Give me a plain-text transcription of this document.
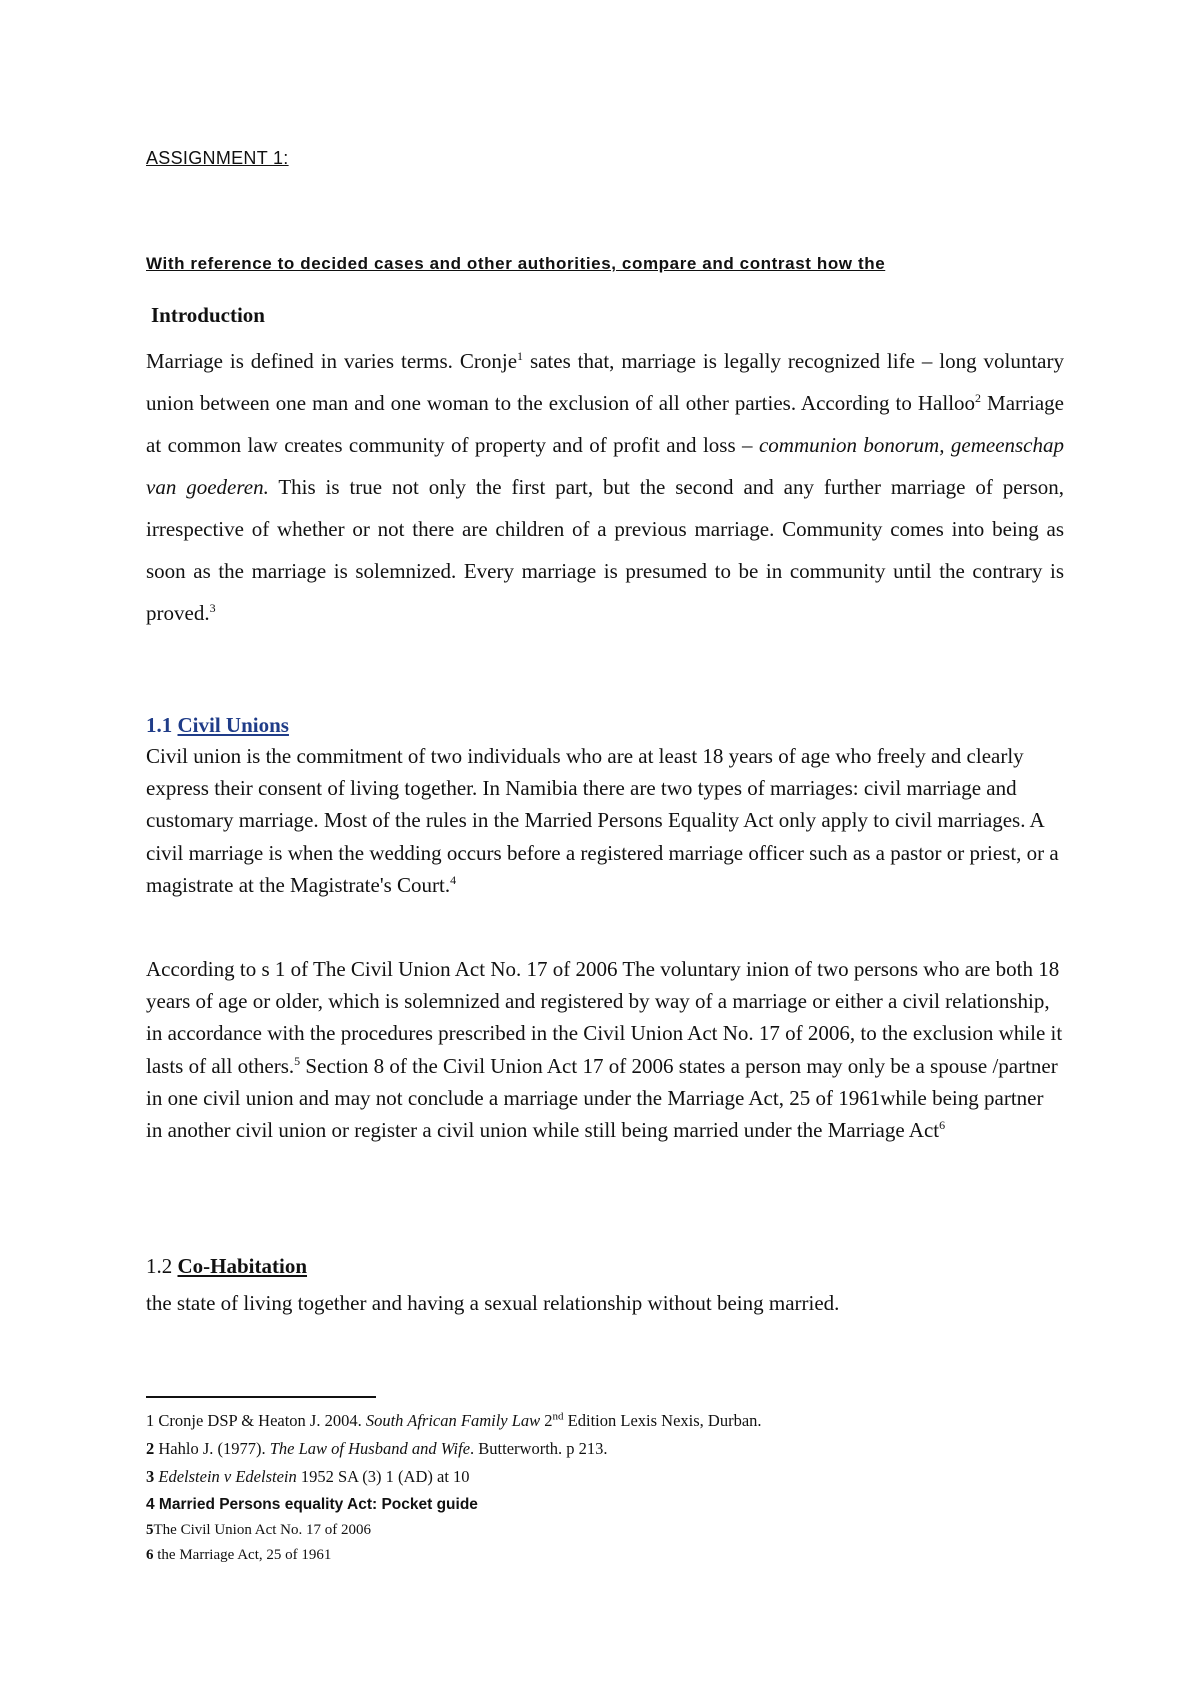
ASSIGNMENT 1:
With reference to decided cases and other authorities, compare and contrast how the
Introduction
Marriage is defined in varies terms. Cronje$^1$ sates that, marriage is legally recognized life – long voluntary union between one man and one woman to the exclusion of all other parties. According to Halloo$^2$ Marriage at common law creates community of property and of profit and loss – communion bonorum, gemeenschap van goederen. This is true not only the first part, but the second and any further marriage of person, irrespective of whether or not there are children of a previous marriage. Community comes into being as soon as the marriage is solemnized. Every marriage is presumed to be in community until the contrary is proved.$^3$
1.1 Civil Unions
Civil union is the commitment of two individuals who are at least 18 years of age who freely and clearly express their consent of living together. In Namibia there are two types of marriages: civil marriage and customary marriage. Most of the rules in the Married Persons Equality Act only apply to civil marriages. A civil marriage is when the wedding occurs before a registered marriage officer such as a pastor or priest, or a magistrate at the Magistrate's Court.$^4$
According to s 1 of The Civil Union Act No. 17 of 2006 The voluntary inion of two persons who are both 18 years of age or older, which is solemnized and registered by way of a marriage or either a civil relationship, in accordance with the procedures prescribed in the Civil Union Act No. 17 of 2006, to the exclusion while it lasts of all others.$^5$ Section 8 of the Civil Union Act 17 of 2006 states a person may only be a spouse /partner in one civil union and may not conclude a marriage under the Marriage Act, 25 of 1961while being partner in another civil union or register a civil union while still being married under the Marriage Act$^6$
1.2 Co-Habitation
the state of living together and having a sexual relationship without being married.
1 Cronje DSP & Heaton J. 2004. South African Family Law 2nd Edition Lexis Nexis, Durban.
2 Hahlo J. (1977). The Law of Husband and Wife. Butterworth. p 213.
3 Edelstein v Edelstein 1952 SA (3) 1 (AD) at 10
4 Married Persons equality Act: Pocket guide
5The Civil Union Act No. 17 of 2006
6 the Marriage Act, 25 of 1961
